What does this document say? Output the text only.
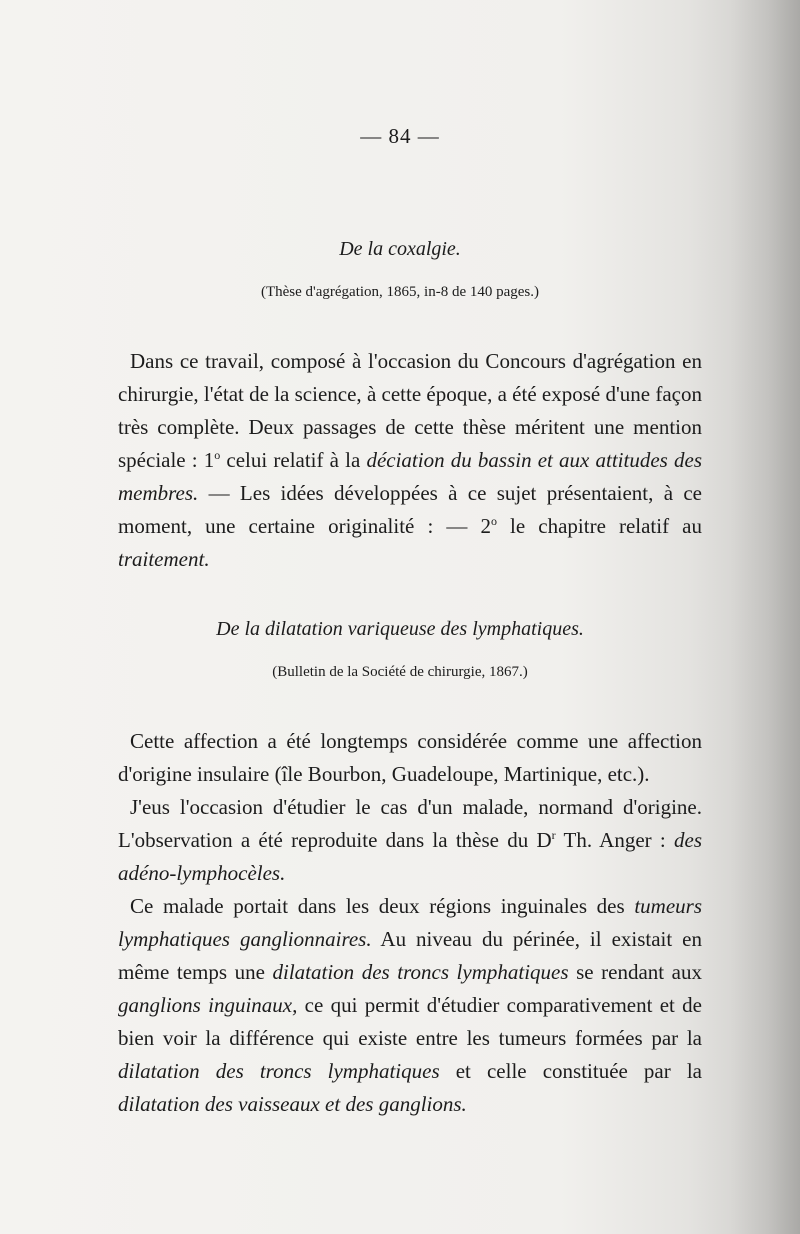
— 84 —
De la coxalgie.
(Thèse d'agrégation, 1865, in-8 de 140 pages.)

Dans ce travail, composé à l'occasion du Concours d'agrégation en chirurgie, l'état de la science, à cette époque, a été exposé d'une façon très complète. Deux passages de cette thèse méritent une mention spéciale : 1$^o$ celui relatif à la déciation du bassin et aux attitudes des membres. — Les idées développées à ce sujet présentaient, à ce moment, une certaine originalité : — 2$^o$ le chapitre relatif au traitement.

De la dilatation variqueuse des lymphatiques.
(Bulletin de la Société de chirurgie, 1867.)

Cette affection a été longtemps considérée comme une affection d'origine insulaire (île Bourbon, Guadeloupe, Martinique, etc.).

J'eus l'occasion d'étudier le cas d'un malade, normand d'origine. L'observation a été reproduite dans la thèse du $D^r$ Th. Anger : des adéno-lymphocèles.

Ce malade portait dans les deux régions inguinales des tumeurs lymphatiques ganglionnaires. Au niveau du périnée, il existait en même temps une dilatation des troncs lymphatiques se rendant aux ganglions inguinaux, ce qui permit d'étudier comparativement et de bien voir la différence qui existe entre les tumeurs formées par la dilatation des troncs lymphatiques et celle constituée par la dilatation des vaisseaux et des ganglions.
